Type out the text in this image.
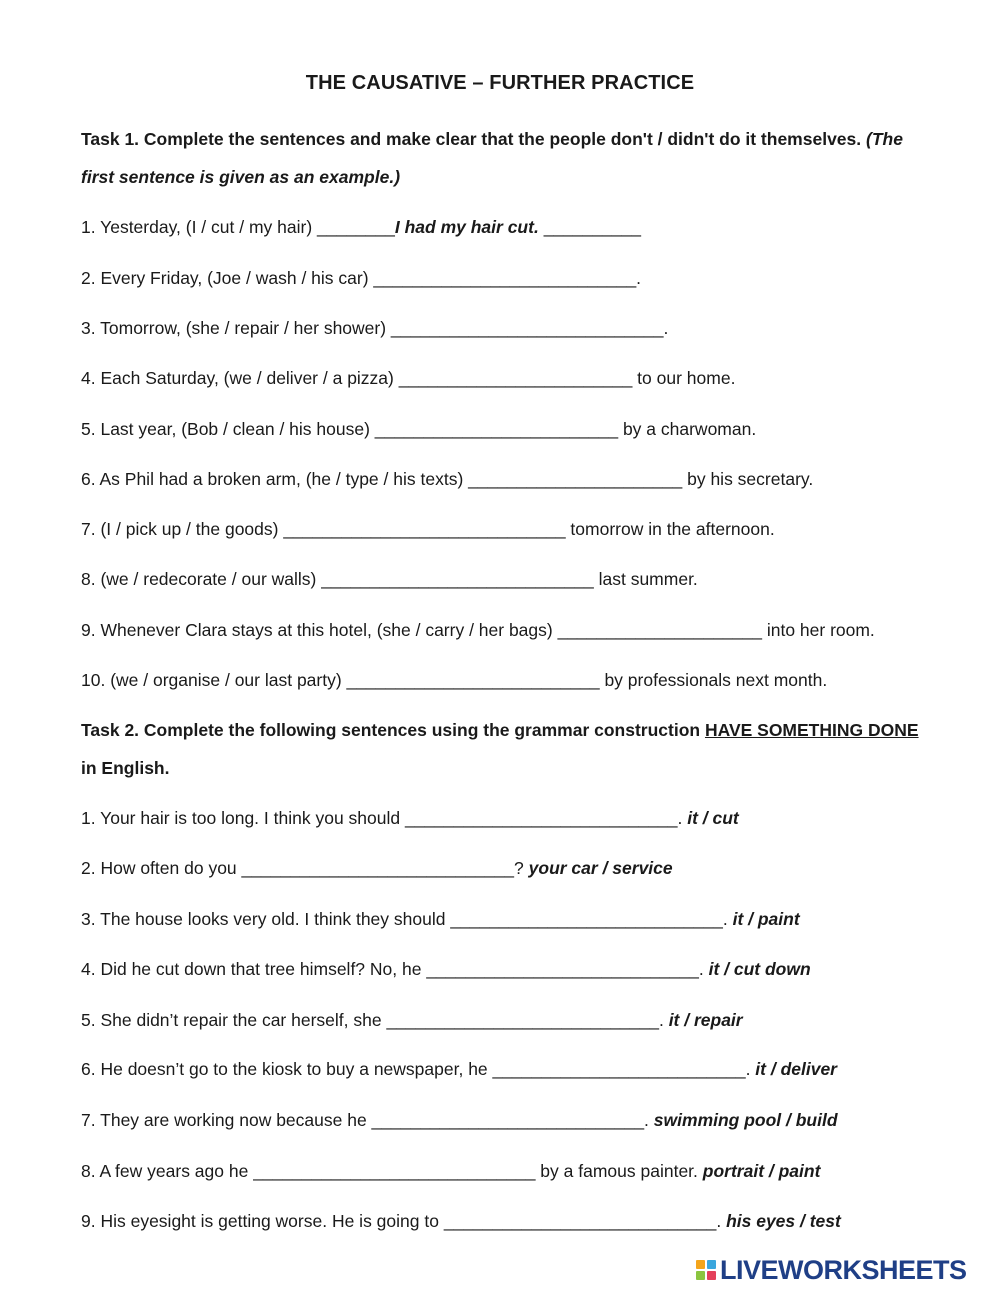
THE CAUSATIVE – FURTHER PRACTICE
Task 1. Complete the sentences and make clear that the people don't / didn't do it themselves. (The
first sentence is given as an example.)
1. Yesterday, (I / cut / my hair) ________I had my hair cut. __________
2. Every Friday, (Joe / wash / his car) ___________________________.
3. Tomorrow, (she / repair / her shower) ____________________________.
4. Each Saturday, (we / deliver / a pizza) ________________________ to our home.
5. Last year, (Bob / clean / his house) _________________________ by a charwoman.
6. As Phil had a broken arm, (he / type / his texts) ______________________ by his secretary.
7. (I / pick up / the goods) _____________________________ tomorrow in the afternoon.
8. (we / redecorate / our walls) ____________________________ last summer.
9. Whenever Clara stays at this hotel, (she / carry / her bags) _____________________ into her room.
10. (we / organise / our last party) __________________________ by professionals next month.
Task 2. Complete the following sentences using the grammar construction HAVE SOMETHING DONE
in English.
1. Your hair is too long. I think you should ____________________________. it / cut
2. How often do you ____________________________? your car / service
3. The house looks very old. I think they should ____________________________. it / paint
4. Did he cut down that tree himself? No, he ____________________________. it / cut down
5. She didn’t repair the car herself, she ____________________________. it / repair
6. He doesn’t go to the kiosk to buy a newspaper, he __________________________. it / deliver
7. They are working now because he ____________________________. swimming pool / build
8. A few years ago he _____________________________ by a famous painter. portrait / paint
9. His eyesight is getting worse. He is going to ____________________________. his eyes / test
LIVEWORKSHEETS
